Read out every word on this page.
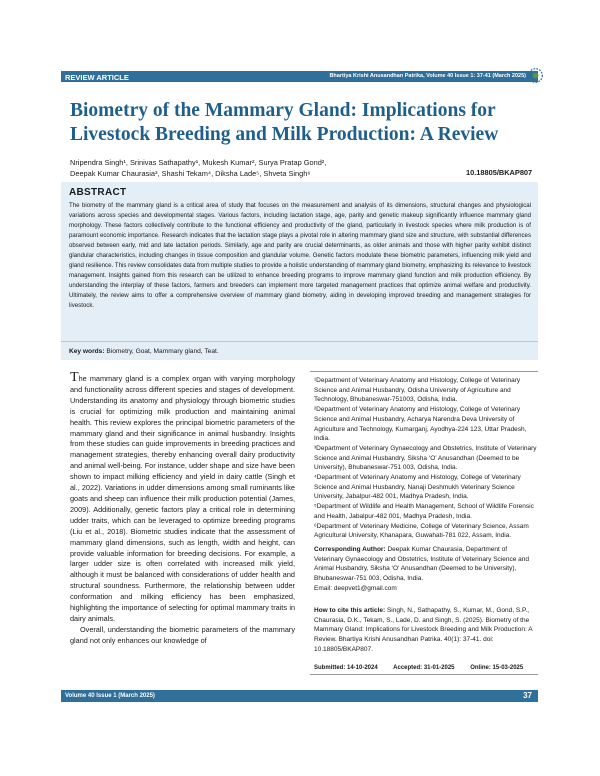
REVIEW ARTICLE	Bhartiya Krishi Anusandhan Patrika, Volume 40 Issue 1: 37-41 (March 2025)
Biometry of the Mammary Gland: Implications for Livestock Breeding and Milk Production: A Review
Nripendra Singh¹, Srinivas Sathapathy¹, Mukesh Kumar², Surya Pratap Gond²,
Deepak Kumar Chaurasia³, Shashi Tekam⁴, Diksha Lade⁵, Shveta Singh⁶	10.18805/BKAP807
ABSTRACT
The biometry of the mammary gland is a critical area of study that focuses on the measurement and analysis of its dimensions, structural changes and physiological variations across species and developmental stages. Various factors, including lactation stage, age, parity and genetic makeup significantly influence mammary gland morphology. These factors collectively contribute to the functional efficiency and productivity of the gland, particularly in livestock species where milk production is of paramount economic importance. Research indicates that the lactation stage plays a pivotal role in altering mammary gland size and structure, with substantial differences observed between early, mid and late lactation periods. Similarly, age and parity are crucial determinants, as older animals and those with higher parity exhibit distinct glandular characteristics, including changes in tissue composition and glandular volume. Genetic factors modulate these biometric parameters, influencing milk yield and gland resilience. This review consolidates data from multiple studies to provide a holistic understanding of mammary gland biometry, emphasizing its relevance to livestock management. Insights gained from this research can be utilized to enhance breeding programs to improve mammary gland function and milk production efficiency. By understanding the interplay of these factors, farmers and breeders can implement more targeted management practices that optimize animal welfare and productivity. Ultimately, the review aims to offer a comprehensive overview of mammary gland biometry, aiding in developing improved breeding and management strategies for livestock.
Key words: Biometry, Goat, Mammary gland, Teat.

The mammary gland is a complex organ with varying morphology and functionality across different species and stages of development. Understanding its anatomy and physiology through biometric studies is crucial for optimizing milk production and maintaining animal health. This review explores the principal biometric parameters of the mammary gland and their significance in animal husbandry. Insights from these studies can guide improvements in breeding practices and management strategies, thereby enhancing overall dairy productivity and animal well-being. For instance, udder shape and size have been shown to impact milking efficiency and yield in dairy cattle (Singh et al., 2022). Variations in udder dimensions among small ruminants like goats and sheep can influence their milk production potential (James, 2009). Additionally, genetic factors play a critical role in determining udder traits, which can be leveraged to optimize breeding programs (Liu et al., 2018). Biometric studies indicate that the assessment of mammary gland dimensions, such as length, width and height, can provide valuable information for breeding decisions. For example, a larger udder size is often correlated with increased milk yield, although it must be balanced with considerations of udder health and structural soundness. Furthermore, the relationship between udder conformation and milking efficiency has been emphasized, highlighting the importance of selecting for optimal mammary traits in dairy animals.

Overall, understanding the biometric parameters of the mammary gland not only enhances our knowledge of

¹Department of Veterinary Anatomy and Histology, College of Veterinary Science and Animal Husbandry, Odisha University of Agriculture and Technology, Bhubaneswar-751003, Odisha, India.
²Department of Veterinary Anatomy and Histology, College of Veterinary Science and Animal Husbandry, Acharya Narendra Deva University of Agriculture and Technology, Kumarganj, Ayodhya-224 123, Uttar Pradesh, India.
³Department of Veterinary Gynaecology and Obstetrics, Institute of Veterinary Science and Animal Husbandry, Siksha ‘O’ Anusandhan (Deemed to be University), Bhubaneswar-751 003, Odisha, India.
⁴Department of Veterinary Anatomy and Histology, College of Veterinary Science and Animal Husbandry, Nanaji Deshmukh Veterinary Science University, Jabalpur-482 001, Madhya Pradesh, India.
⁵Department of Wildlife and Health Management, School of Wildlife Forensic and Health, Jabalpur-482 001, Madhya Pradesh, India.
⁶Department of Veterinary Medicine, College of Veterinary Science, Assam Agricultural University, Khanapara, Guwahati-781 022, Assam, India.
Corresponding Author: Deepak Kumar Chaurasia, Department of Veterinary Gynaecology and Obstetrics, Institute of Veterinary Science and Animal Husbandry, Siksha ‘O’ Anusandhan (Deemed to be University), Bhubaneswar-751 003, Odisha, India.
Email: deepvet1@gmail.com
How to cite this article: Singh, N., Sathapathy, S., Kumar, M., Gond, S.P., Chaurasia, D.K., Tekam, S., Lade, D. and Singh, S. (2025). Biometry of the Mammary Gland: Implications for Livestock Breeding and Milk Production: A Review. Bhartiya Krishi Anusandhan Patrika. 40(1): 37-41. doi: 10.18805/BKAP807.
Submitted: 14-10-2024	Accepted: 31-01-2025	Online: 15-03-2025
Volume 40 Issue 1 (March 2025)	37
